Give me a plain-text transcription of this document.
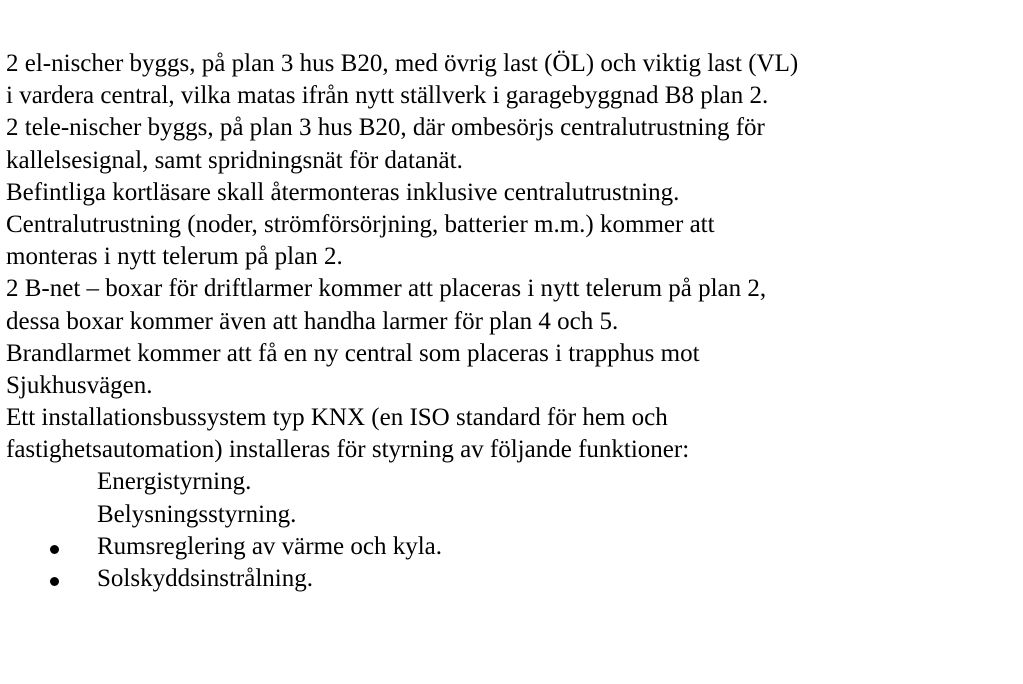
2 el-nischer byggs, på plan 3 hus B20, med övrig last (ÖL) och viktig last (VL)
i vardera central, vilka matas ifrån nytt ställverk i garagebyggnad B8 plan 2.
2 tele-nischer byggs, på plan 3 hus B20, där ombesörjs centralutrustning för
kallelsesignal, samt spridningsnät för datanät.
Befintliga kortläsare skall återmonteras inklusive centralutrustning.
Centralutrustning (noder, strömförsörjning, batterier m.m.) kommer att
monteras i nytt telerum på plan 2.
2 B-net – boxar för driftlarmer kommer att placeras i nytt telerum på plan 2,
dessa boxar kommer även att handha larmer för plan 4 och 5.
Brandlarmet kommer att få en ny central som placeras i trapphus mot
Sjukhusvägen.
Ett installationsbussystem typ KNX (en ISO standard för hem och
fastighetsautomation) installeras för styrning av följande funktioner:
Energistyrning.
Belysningsstyrning.
Rumsreglering av värme och kyla.
Solskyddsinstrålning.
